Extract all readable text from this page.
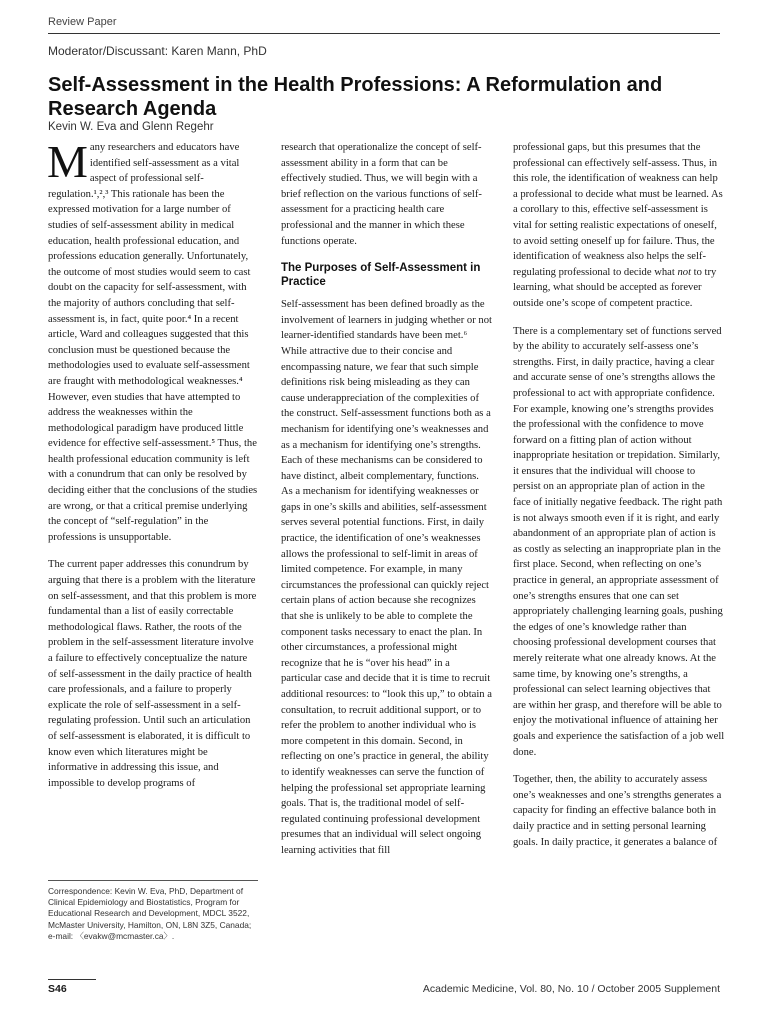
Review Paper
Moderator/Discussant: Karen Mann, PhD
Self-Assessment in the Health Professions: A Reformulation and Research Agenda
Kevin W. Eva and Glenn Regehr

Many researchers and educators have identified self-assessment as a vital aspect of professional self-regulation.¹,²,³ This rationale has been the expressed motivation for a large number of studies of self-assessment ability in medical education, health professional education, and professions education generally. Unfortunately, the outcome of most studies would seem to cast doubt on the capacity for self-assessment, with the majority of authors concluding that self-assessment is, in fact, quite poor.⁴ In a recent article, Ward and colleagues suggested that this conclusion must be questioned because the methodologies used to evaluate self-assessment are fraught with methodological weaknesses.⁴ However, even studies that have attempted to address the weaknesses within the methodological paradigm have produced little evidence for effective self-assessment.⁵ Thus, the health professional education community is left with a conundrum that can only be resolved by deciding either that the conclusions of the studies are wrong, or that a critical premise underlying the concept of “self-regulation” in the professions is unsupportable.

The current paper addresses this conundrum by arguing that there is a problem with the literature on self-assessment, and that this problem is more fundamental than a list of easily correctable methodological flaws. Rather, the roots of the problem in the self-assessment literature involve a failure to effectively conceptualize the nature of self-assessment in the daily practice of health care professionals, and a failure to properly explicate the role of self-assessment in a self-regulating profession. Until such an articulation of self-assessment is elaborated, it is difficult to know even which literatures might be informative in addressing this issue, and impossible to develop programs of

Correspondence: Kevin W. Eva, PhD, Department of Clinical Epidemiology and Biostatistics, Program for Educational Research and Development, MDCL 3522, McMaster University, Hamilton, ON, L8N 3Z5, Canada; e-mail: 〈evakw@mcmaster.ca〉.

research that operationalize the concept of self-assessment ability in a form that can be effectively studied. Thus, we will begin with a brief reflection on the various functions of self-assessment for a practicing health care professional and the manner in which these functions operate.

The Purposes of Self-Assessment in Practice

Self-assessment has been defined broadly as the involvement of learners in judging whether or not learner-identified standards have been met.⁶ While attractive due to their concise and encompassing nature, we fear that such simple definitions risk being misleading as they can cause underappreciation of the complexities of the construct. Self-assessment functions both as a mechanism for identifying one’s weaknesses and as a mechanism for identifying one’s strengths. Each of these mechanisms can be considered to have distinct, albeit complementary, functions. As a mechanism for identifying weaknesses or gaps in one’s skills and abilities, self-assessment serves several potential functions. First, in daily practice, the identification of one’s weaknesses allows the professional to self-limit in areas of limited competence. For example, in many circumstances the professional can quickly reject certain plans of action because she recognizes that she is unlikely to be able to complete the component tasks necessary to enact the plan. In other circumstances, a professional might recognize that he is “over his head” in a particular case and decide that it is time to recruit additional resources: to “look this up,” to obtain a consultation, to recruit additional support, or to refer the problem to another individual who is more competent in this domain. Second, in reflecting on one’s practice in general, the ability to identify weaknesses can serve the function of helping the professional set appropriate learning goals. That is, the traditional model of self-regulated continuing professional development presumes that an individual will select ongoing learning activities that fill

professional gaps, but this presumes that the professional can effectively self-assess. Thus, in this role, the identification of weakness can help a professional to decide what must be learned. As a corollary to this, effective self-assessment is vital for setting realistic expectations of oneself, to avoid setting oneself up for failure. Thus, the identification of weakness also helps the self-regulating professional to decide what not to try learning, what should be accepted as forever outside one’s scope of competent practice.

There is a complementary set of functions served by the ability to accurately self-assess one’s strengths. First, in daily practice, having a clear and accurate sense of one’s strengths allows the professional to act with appropriate confidence. For example, knowing one’s strengths provides the professional with the confidence to move forward on a fitting plan of action without inappropriate hesitation or trepidation. Similarly, it ensures that the individual will choose to persist on an appropriate plan of action in the face of initially negative feedback. The right path is not always smooth even if it is right, and early abandonment of an appropriate plan of action is as costly as selecting an inappropriate plan in the first place. Second, when reflecting on one’s practice in general, an appropriate assessment of one’s strengths ensures that one can set appropriately challenging learning goals, pushing the edges of one’s knowledge rather than choosing professional development courses that merely reiterate what one already knows. At the same time, by knowing one’s strengths, a professional can select learning objectives that are within her grasp, and therefore will be able to enjoy the motivational influence of attaining her goals and experience the satisfaction of a job well done.

Together, then, the ability to accurately assess one’s weaknesses and one’s strengths generates a capacity for finding an effective balance both in daily practice and in setting personal learning goals. In daily practice, it generates a balance of

S46	Academic Medicine, Vol. 80, No. 10 / October 2005 Supplement
